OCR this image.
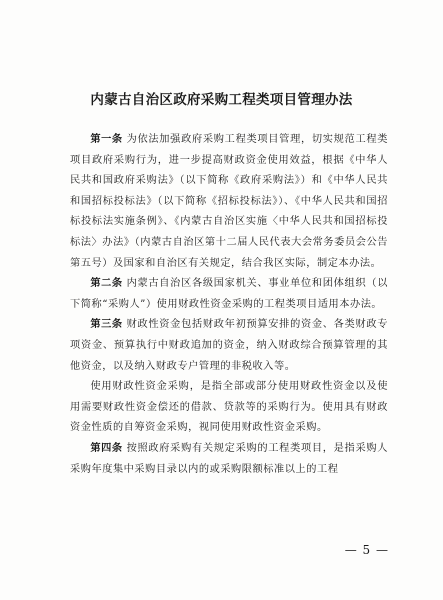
内蒙古自治区政府采购工程类项目管理办法

第一条 为依法加强政府采购工程类项目管理，切实规范工程类项目政府采购行为，进一步提高财政资金使用效益，根据《中华人民共和国政府采购法》（以下简称《政府采购法》）和《中华人民共和国招标投标法》（以下简称《招标投标法》）、《中华人民共和国招标投标法实施条例》、《内蒙古自治区实施〈中华人民共和国招标投标法〉办法》（内蒙古自治区第十二届人民代表大会常务委员会公告第五号）及国家和自治区有关规定，结合我区实际，制定本办法。

第二条 内蒙古自治区各级国家机关、事业单位和团体组织（以下简称“采购人”）使用财政性资金采购的工程类项目适用本办法。

第三条 财政性资金包括财政年初预算安排的资金、各类财政专项资金、预算执行中财政追加的资金，纳入财政综合预算管理的其他资金，以及纳入财政专户管理的非税收入等。

使用财政性资金采购，是指全部或部分使用财政性资金以及使用需要财政性资金偿还的借款、贷款等的采购行为。使用具有财政资金性质的自筹资金采购，视同使用财政性资金采购。

第四条 按照政府采购有关规定采购的工程类项目，是指采购人采购年度集中采购目录以内的或采购限额标准以上的工程

— 5 —
